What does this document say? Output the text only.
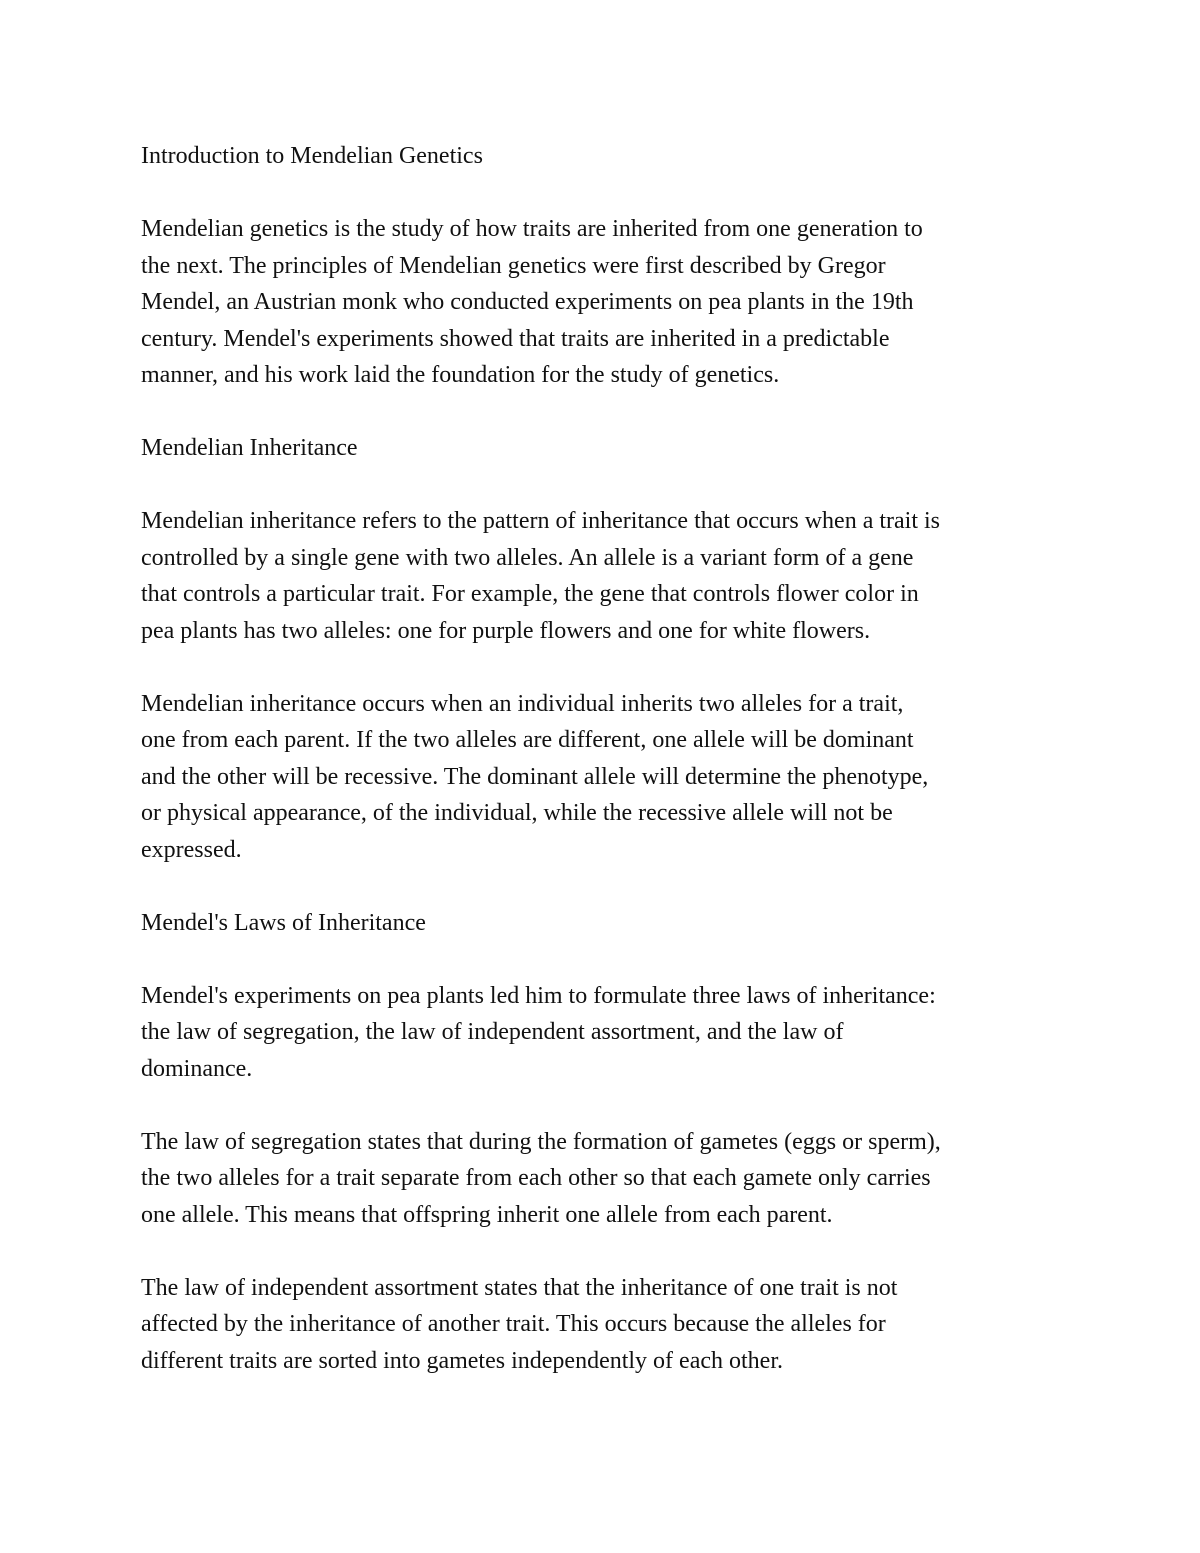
Introduction to Mendelian Genetics
Mendelian genetics is the study of how traits are inherited from one generation to
the next. The principles of Mendelian genetics were first described by Gregor
Mendel, an Austrian monk who conducted experiments on pea plants in the 19th
century. Mendel's experiments showed that traits are inherited in a predictable
manner, and his work laid the foundation for the study of genetics.
Mendelian Inheritance
Mendelian inheritance refers to the pattern of inheritance that occurs when a trait is
controlled by a single gene with two alleles. An allele is a variant form of a gene
that controls a particular trait. For example, the gene that controls flower color in
pea plants has two alleles: one for purple flowers and one for white flowers.
Mendelian inheritance occurs when an individual inherits two alleles for a trait,
one from each parent. If the two alleles are different, one allele will be dominant
and the other will be recessive. The dominant allele will determine the phenotype,
or physical appearance, of the individual, while the recessive allele will not be
expressed.
Mendel's Laws of Inheritance
Mendel's experiments on pea plants led him to formulate three laws of inheritance:
the law of segregation, the law of independent assortment, and the law of
dominance.
The law of segregation states that during the formation of gametes (eggs or sperm),
the two alleles for a trait separate from each other so that each gamete only carries
one allele. This means that offspring inherit one allele from each parent.
The law of independent assortment states that the inheritance of one trait is not
affected by the inheritance of another trait. This occurs because the alleles for
different traits are sorted into gametes independently of each other.
